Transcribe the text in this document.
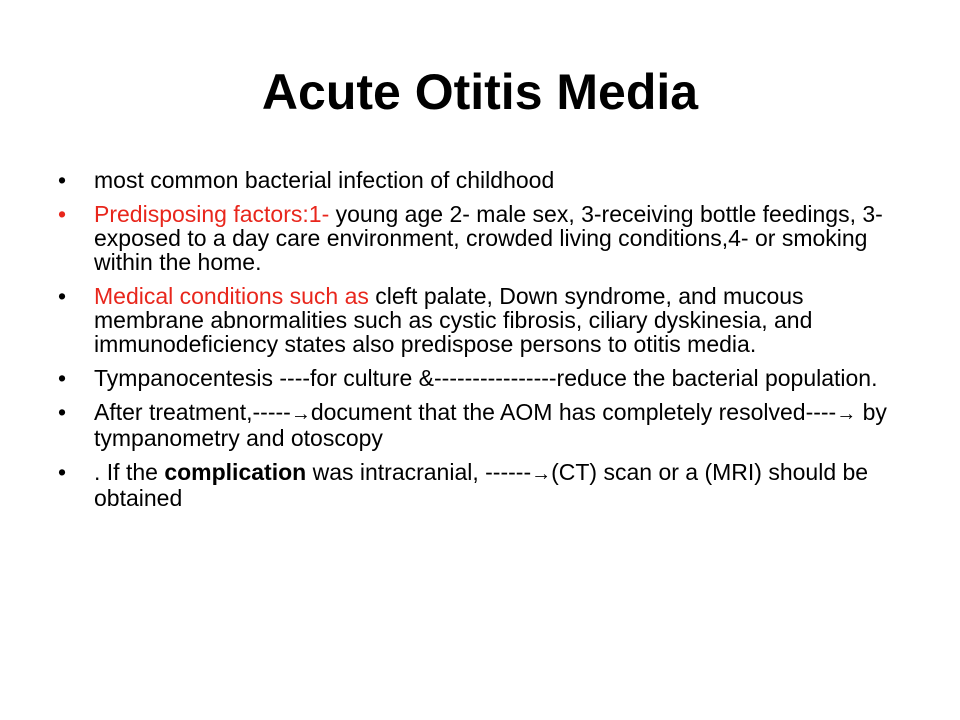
Acute Otitis Media
• most common bacterial infection of childhood
• Predisposing factors:1- young age 2- male sex, 3-receiving bottle feedings, 3-exposed to a day care environment, crowded living conditions,4- or smoking within the home.
• Medical conditions such as cleft palate, Down syndrome, and mucous membrane abnormalities such as cystic fibrosis, ciliary dyskinesia, and immunodeficiency states also predispose persons to otitis media.
• Tympanocentesis ----for culture &----------------reduce the bacterial population.
• After treatment,-----→document that the AOM has completely resolved----→ by tympanometry and otoscopy
• . If the complication was intracranial, ------→(CT) scan or a (MRI) should be obtained
